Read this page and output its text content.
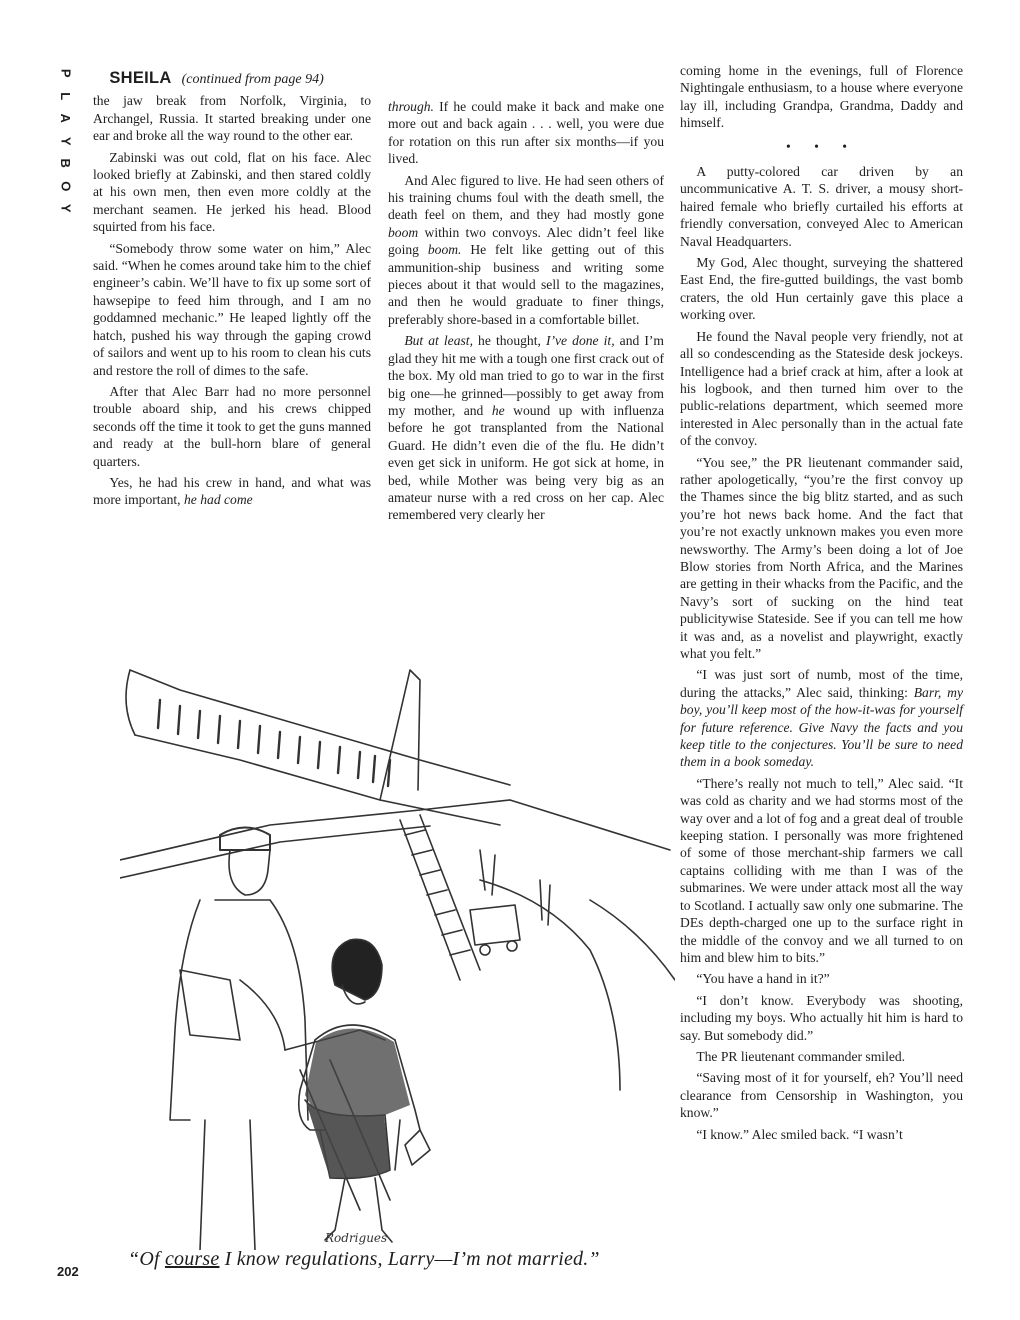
P
L
A
Y
B
O
Y

SHEILA (continued from page 94)

the jaw break from Norfolk, Virginia, to Archangel, Russia. It started breaking under one ear and broke all the way round to the other ear.

Zabinski was out cold, flat on his face. Alec looked briefly at Zabinski, and then stared coldly at his own men, then even more coldly at the merchant seamen. He jerked his head. Blood squirted from his face.

“Somebody throw some water on him,” Alec said. “When he comes around take him to the chief engineer’s cabin. We’ll have to fix up some sort of hawsepipe to feed him through, and I am no goddamned mechanic.” He leaped lightly off the hatch, pushed his way through the gaping crowd of sailors and went up to his room to clean his cuts and restore the roll of dimes to the safe.

After that Alec Barr had no more personnel trouble aboard ship, and his crews chipped seconds off the time it took to get the guns manned and ready at the bull-horn blare of general quarters.

Yes, he had his crew in hand, and what was more important, he had come

through. If he could make it back and make one more out and back again . . . well, you were due for rotation on this run after six months—if you lived.

And Alec figured to live. He had seen others of his training chums foul with the death smell, the death feel on them, and they had mostly gone boom within two convoys. Alec didn’t feel like going boom. He felt like getting out of this ammunition-ship business and writing some pieces about it that would sell to the magazines, and then he would graduate to finer things, preferably shore-based in a comfortable billet.

But at least, he thought, I’ve done it, and I’m glad they hit me with a tough one first crack out of the box. My old man tried to go to war in the first big one—he grinned—possibly to get away from my mother, and he wound up with influenza before he got transplanted from the National Guard. He didn’t even die of the flu. He didn’t even get sick in uniform. He got sick at home, in bed, while Mother was being very big as an amateur nurse with a red cross on her cap. Alec remembered very clearly her

coming home in the evenings, full of Florence Nightingale enthusiasm, to a house where everyone lay ill, including Grandpa, Grandma, Daddy and himself.

• • •

A putty-colored car driven by an uncommunicative A. T. S. driver, a mousy short-haired female who briefly curtailed his efforts at friendly conversation, conveyed Alec to American Naval Headquarters.

My God, Alec thought, surveying the shattered East End, the fire-gutted buildings, the vast bomb craters, the old Hun certainly gave this place a working over.

He found the Naval people very friendly, not at all so condescending as the Stateside desk jockeys. Intelligence had a brief crack at him, after a look at his logbook, and then turned him over to the public-relations department, which seemed more interested in Alec personally than in the actual fate of the convoy.

“You see,” the PR lieutenant commander said, rather apologetically, “you’re the first convoy up the Thames since the big blitz started, and as such you’re hot news back home. And the fact that you’re not exactly unknown makes you even more newsworthy. The Army’s been doing a lot of Joe Blow stories from North Africa, and the Marines are getting in their whacks from the Pacific, and the Navy’s sort of sucking on the hind teat publicitywise Stateside. See if you can tell me how it was and, as a novelist and playwright, exactly what you felt.”

“I was just sort of numb, most of the time, during the attacks,” Alec said, thinking: Barr, my boy, you’ll keep most of the how-it-was for yourself for future reference. Give Navy the facts and you keep title to the conjectures. You’ll be sure to need them in a book someday.

“There’s really not much to tell,” Alec said. “It was cold as charity and we had storms most of the way over and a lot of fog and a great deal of trouble keeping station. I personally was more frightened of some of those merchant-ship farmers we call captains colliding with me than I was of the submarines. We were under attack most all the way to Scotland. I actually saw only one submarine. The DEs depth-charged one up to the surface right in the middle of the convoy and we all turned to on him and blew him to bits.”

“You have a hand in it?”

“I don’t know. Everybody was shooting, including my boys. Who actually hit him is hard to say. But somebody did.”

The PR lieutenant commander smiled.

“Saving most of it for yourself, eh? You’ll need clearance from Censorship in Washington, you know.”

“I know.” Alec smiled back. “I wasn’t

Rodrigues
“Of course I know regulations, Larry—I’m not married.”
202
